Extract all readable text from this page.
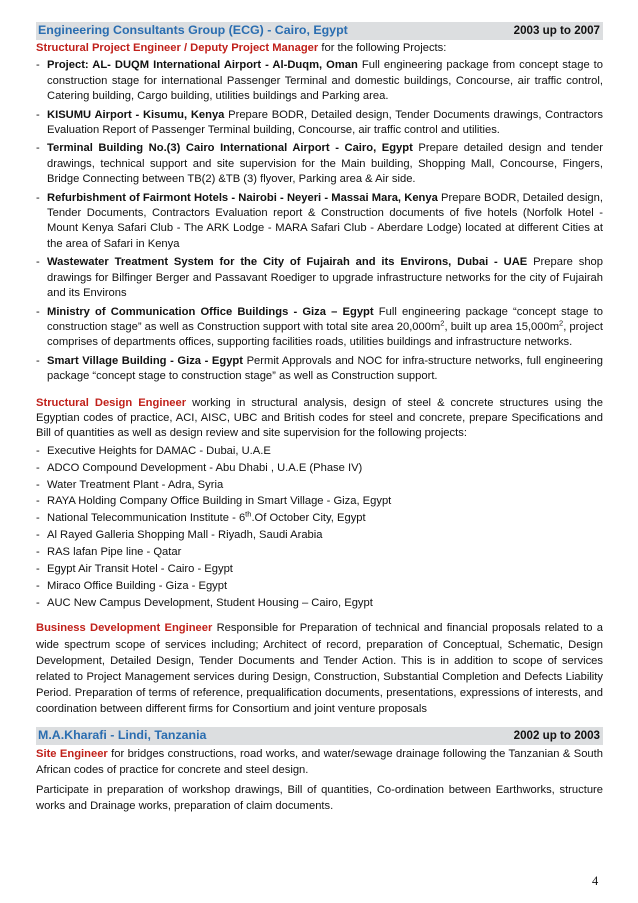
Engineering Consultants Group (ECG) - Cairo, Egypt	2003 up to 2007
Structural Project Engineer / Deputy Project Manager for the following Projects:
- Project: AL- DUQM International Airport - Al-Duqm, Oman Full engineering package from concept stage to construction stage for international Passenger Terminal and domestic buildings, Concourse, air traffic control, Catering building, Cargo building, utilities buildings and Parking area.
- KISUMU Airport - Kisumu, Kenya Prepare BODR, Detailed design, Tender Documents drawings, Contractors Evaluation Report of Passenger Terminal building, Concourse, air traffic control and utilities.
- Terminal Building No.(3) Cairo International Airport - Cairo, Egypt Prepare detailed design and tender drawings, technical support and site supervision for the Main building, Shopping Mall, Concourse, Fingers, Bridge Connecting between TB(2) &TB (3) flyover, Parking area & Air side.
- Refurbishment of Fairmont Hotels - Nairobi - Neyeri - Massai Mara, Kenya Prepare BODR, Detailed design, Tender Documents, Contractors Evaluation report & Construction documents of five hotels (Norfolk Hotel - Mount Kenya Safari Club - The ARK Lodge - MARA Safari Club - Aberdare Lodge) located at different Cities at the area of Safari in Kenya
- Wastewater Treatment System for the City of Fujairah and its Environs, Dubai - UAE Prepare shop drawings for Bilfinger Berger and Passavant Roediger to upgrade infrastructure networks for the city of Fujairah and its Environs
- Ministry of Communication Office Buildings - Giza – Egypt Full engineering package “concept stage to construction stage” as well as Construction support with total site area $20,000m^2$, built up area $15,000m^2$, project comprises of departments offices, supporting facilities roads, utilities buildings and infrastructure networks.
- Smart Village Building - Giza - Egypt Permit Approvals and NOC for infra-structure networks, full engineering package “concept stage to construction stage” as well as Construction support.
Structural Design Engineer working in structural analysis, design of steel & concrete structures using the Egyptian codes of practice, ACI, AISC, UBC and British codes for steel and concrete, prepare Specifications and Bill of quantities as well as design review and site supervision for the following projects:
- Executive Heights for DAMAC - Dubai, U.A.E
- ADCO Compound Development - Abu Dhabi , U.A.E (Phase IV)
- Water Treatment Plant - Adra, Syria
- RAYA Holding Company Office Building in Smart Village - Giza, Egypt
- National Telecommunication Institute - 6th.Of October City, Egypt
- Al Rayed Galleria Shopping Mall - Riyadh, Saudi Arabia
- RAS lafan Pipe line - Qatar
- Egypt Air Transit Hotel - Cairo - Egypt
- Miraco Office Building - Giza - Egypt
- AUC New Campus Development, Student Housing – Cairo, Egypt
Business Development Engineer Responsible for Preparation of technical and financial proposals related to a wide spectrum scope of services including; Architect of record, preparation of Conceptual, Schematic, Design Development, Detailed Design, Tender Documents and Tender Action. This is in addition to scope of services related to Project Management services during Design, Construction, Substantial Completion and Defects Liability Period. Preparation of terms of reference, prequalification documents, presentations, expressions of interests, and coordination between different firms for Consortium and joint venture proposals
M.A.Kharafi - Lindi, Tanzania	2002 up to 2003
Site Engineer for bridges constructions, road works, and water/sewage drainage following the Tanzanian & South African codes of practice for concrete and steel design.
Participate in preparation of workshop drawings, Bill of quantities, Co-ordination between Earthworks, structure works and Drainage works, preparation of claim documents.
4
